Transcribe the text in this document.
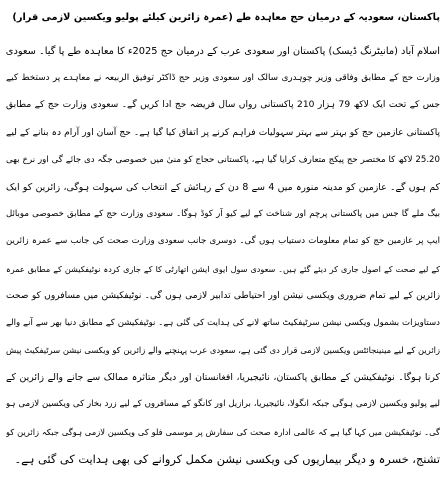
پاکستان، سعودیہ کے درمیان حج معاہدہ طے (عمرہ زائرین کیلئے پولیو ویکسین لازمی قرار)
اسلام آباد (مانیٹرنگ ڈیسک) پاکستان اور سعودی عرب کے درمیان حج 2025ء کا معاہدہ طے پا گیا۔ سعودی
وزارت حج کے مطابق وفاقی وزیر چوہدری سالک اور سعودی وزیر حج ڈاکٹر توفیق الربیعہ نے معاہدے پر دستخط کیے
جس کے تحت ایک لاکھ 79 ہزار 210 پاکستانی رواں سال فریضہ حج ادا کریں گے۔ سعودی وزارت حج کے مطابق
پاکستانی عازمین حج کو بہتر سے بہتر سہولیات فراہم کرنے پر اتفاق کیا گیا ہے۔ حج آسان اور آرام دہ بنانے کے لیے
25.20 لاکھ کا مختصر حج پیکج متعارف کرایا گیا ہے، پاکستانی حجاج کو منیٰ میں خصوصی جگہ دی جائے گی اور نرخ بھی
کم ہوں گے۔ عازمین کو مدینہ منورہ میں 4 سے 8 دن کے رہائش کے انتخاب کی سہولت ہوگی، زائرین کو ایک
بیگ ملے گا جس میں پاکستانی پرچم اور شناخت کے لیے کیو آر کوڈ ہوگا۔ سعودی وزارت حج کے مطابق خصوصی موبائل
ایپ پر عازمین حج کو تمام معلومات دستیاب ہوں گی۔ دوسری جانب سعودی وزارت صحت کی جانب سے عمرہ زائرین
کے لیے صحت کے اصول جاری کر دیئے گئے ہیں۔ سعودی سول ایوی ایشن اتھارٹی کا کے جاری کردہ نوٹیفکیشن کے مطابق عمرہ
زائرین کے لیے تمام ضروری ویکسی نیشن اور احتیاطی تدابیر لازمی ہوں گی۔ نوٹیفکیشن میں مسافروں کو صحت
دستاویزات بشمول ویکسی نیشن سرٹیفکیٹ ساتھ لانے کی ہدایت کی گئی ہے۔ نوٹیفکیشن کے مطابق دنیا بھر سے آنے والے
زائرین کے لیے مینینجائٹس ویکسین لازمی قرار دی گئی ہے، سعودی عرب پہنچنے والے زائرین کو ویکسی نیشن سرٹیفکیٹ پیش
کرنا ہوگا۔ نوٹیفکیشن کے مطابق پاکستان، نائیجیریا، افغانستان اور دیگر متاثرہ ممالک سے جانے والے زائرین کے
لیے پولیو ویکسین لازمی ہوگی جبکہ انگولا، نائیجیریا، برازیل اور کانگو کے مسافروں کے لیے زرد بخار کی ویکسین لازمی ہو
گی۔ نوٹیفکیشن میں کہا گیا ہے کہ عالمی ادارہ صحت کی سفارش پر موسمی فلو کی ویکسین لازمی ہوگی جبکہ زائرین کو
تشنج، خسرہ و دیگر بیماریوں کی ویکسی نیشن مکمل کروانے کی بھی ہدایت کی گئی ہے۔
